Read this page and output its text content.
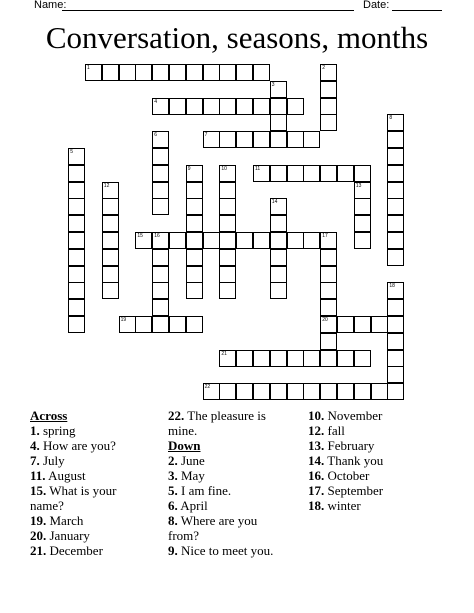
Name:	Date:
Conversation, seasons, months
1	2
3
4
6	7
8
5
9	10	11
12	13
14
15 16	17
20
18
19
21
22
Across
1. spring
4. How are you?
7. July
11. August
15. What is your name?
19. March
20. January
21. December
22. The pleasure is mine.
Down
2. June
3. May
5. I am fine.
6. April
8. Where are you from?
9. Nice to meet you.
10. November
12. fall
13. February
14. Thank you
16. October
17. September
18. winter
